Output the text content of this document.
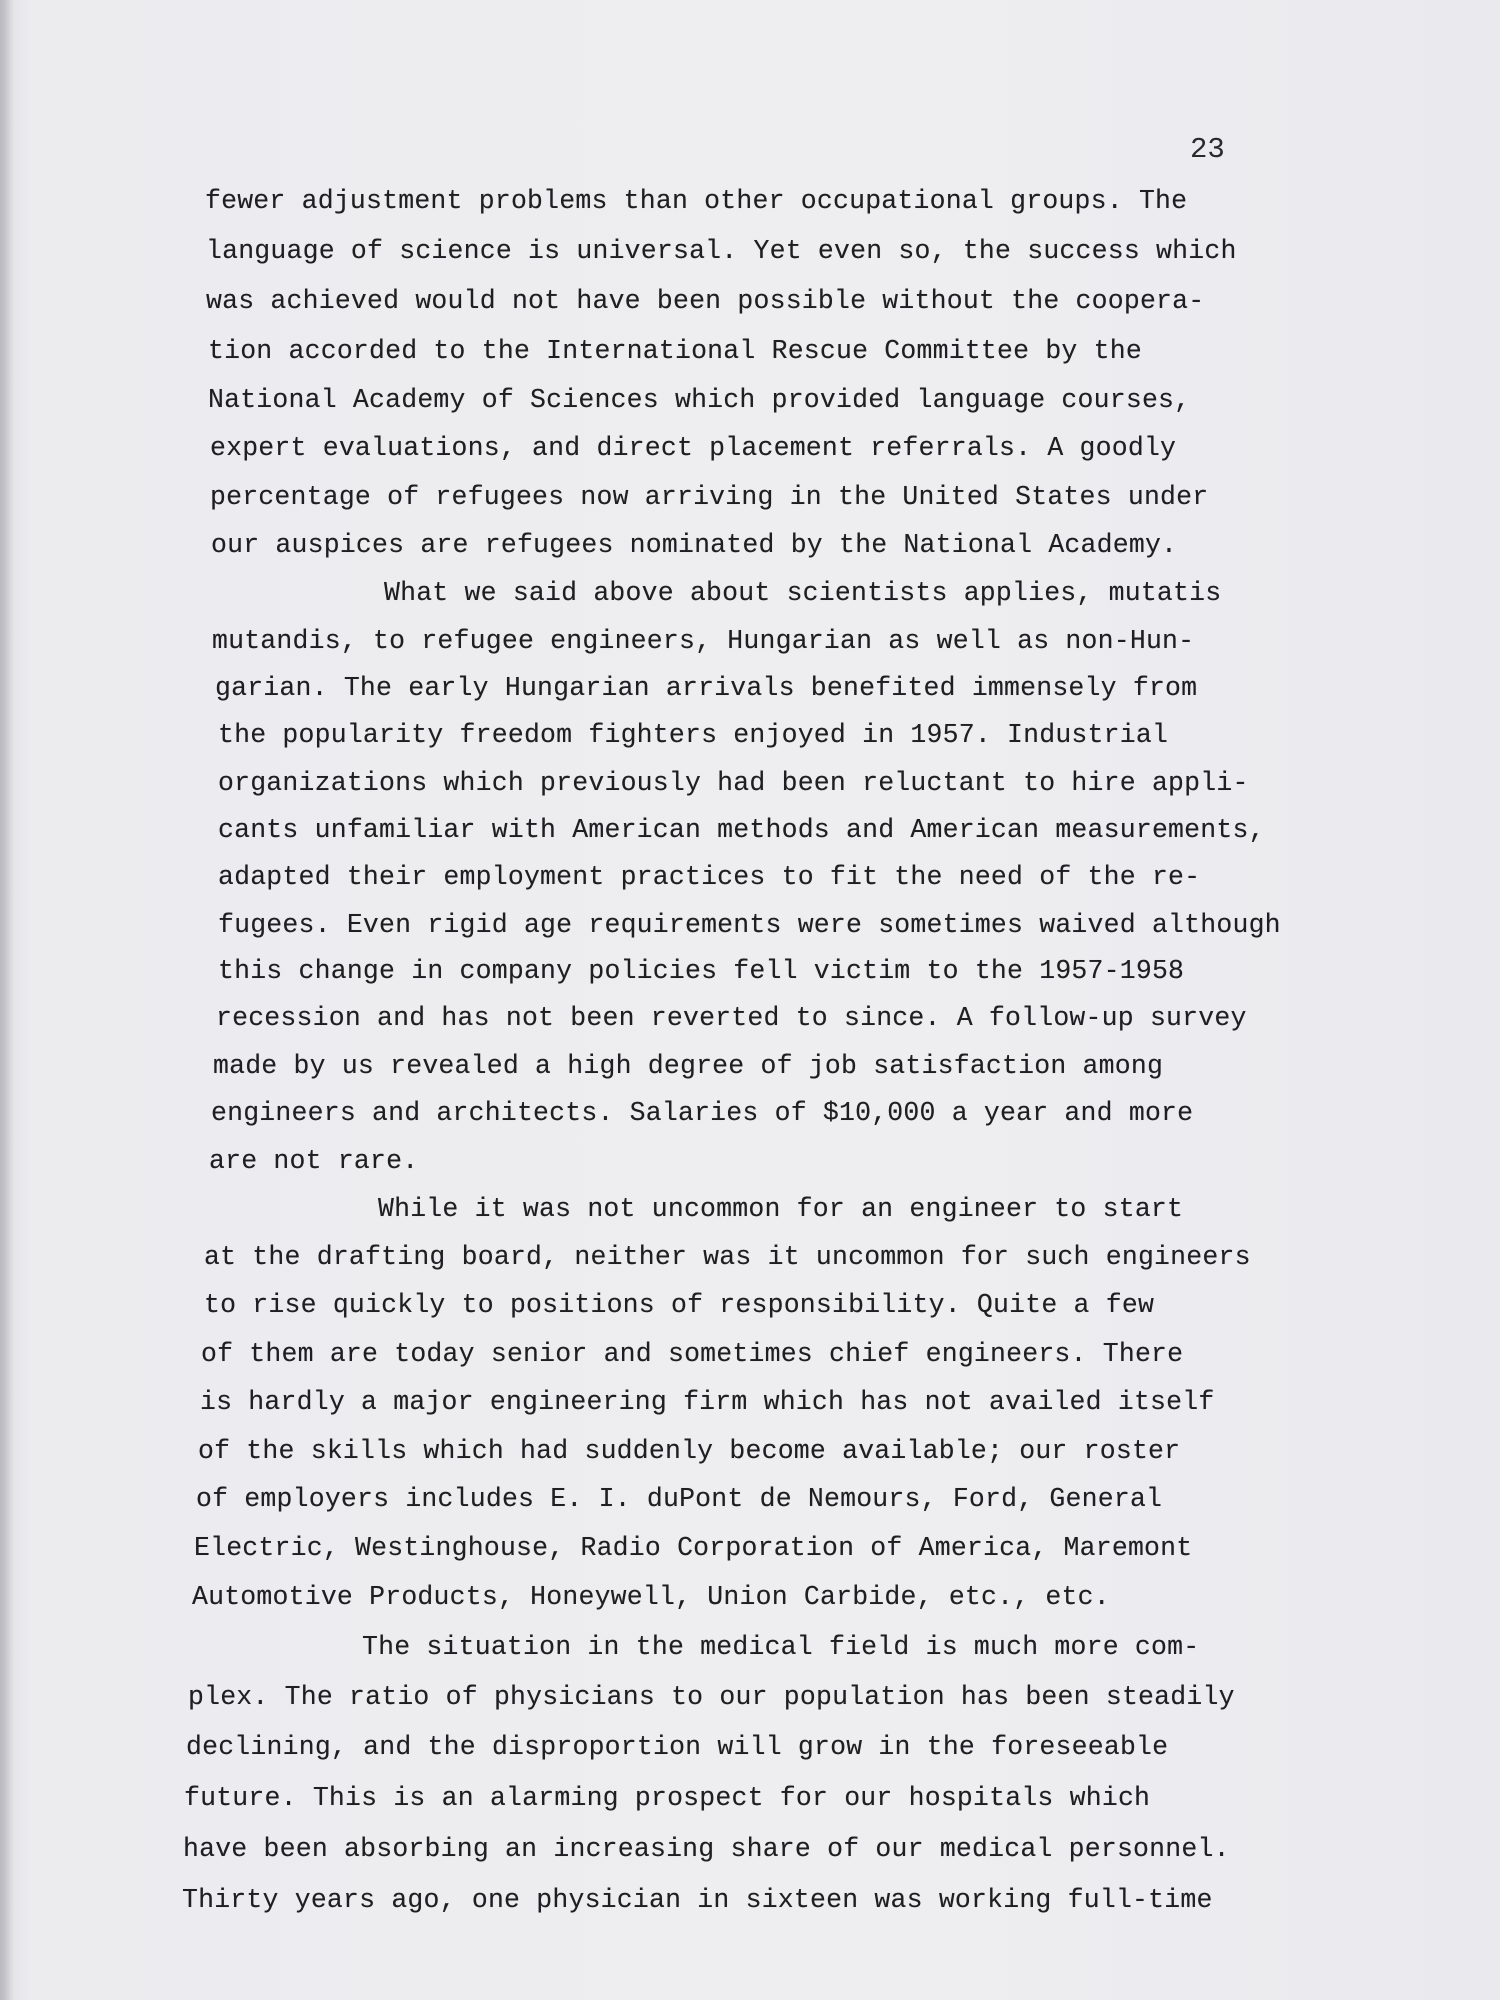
23

fewer adjustment problems than other occupational groups. The

language of science is universal. Yet even so, the success which

was achieved would not have been possible without the coopera-

tion accorded to the International Rescue Committee by the

National Academy of Sciences which provided language courses,

expert evaluations, and direct placement referrals. A goodly

percentage of refugees now arriving in the United States under

our auspices are refugees nominated by the National Academy.

What we said above about scientists applies, mutatis

mutandis, to refugee engineers, Hungarian as well as non-Hun-

garian. The early Hungarian arrivals benefited immensely from

the popularity freedom fighters enjoyed in 1957. Industrial

organizations which previously had been reluctant to hire appli-

cants unfamiliar with American methods and American measurements,

adapted their employment practices to fit the need of the re-

fugees. Even rigid age requirements were sometimes waived although

this change in company policies fell victim to the 1957-1958

recession and has not been reverted to since. A follow-up survey

made by us revealed a high degree of job satisfaction among

engineers and architects. Salaries of $10,000 a year and more

are not rare.

While it was not uncommon for an engineer to start

at the drafting board, neither was it uncommon for such engineers

to rise quickly to positions of responsibility. Quite a few

of them are today senior and sometimes chief engineers. There

is hardly a major engineering firm which has not availed itself

of the skills which had suddenly become available; our roster

of employers includes E. I. duPont de Nemours, Ford, General

Electric, Westinghouse, Radio Corporation of America, Maremont

Automotive Products, Honeywell, Union Carbide, etc., etc.

The situation in the medical field is much more com-

plex. The ratio of physicians to our population has been steadily

declining, and the disproportion will grow in the foreseeable

future. This is an alarming prospect for our hospitals which

have been absorbing an increasing share of our medical personnel.

Thirty years ago, one physician in sixteen was working full-time
